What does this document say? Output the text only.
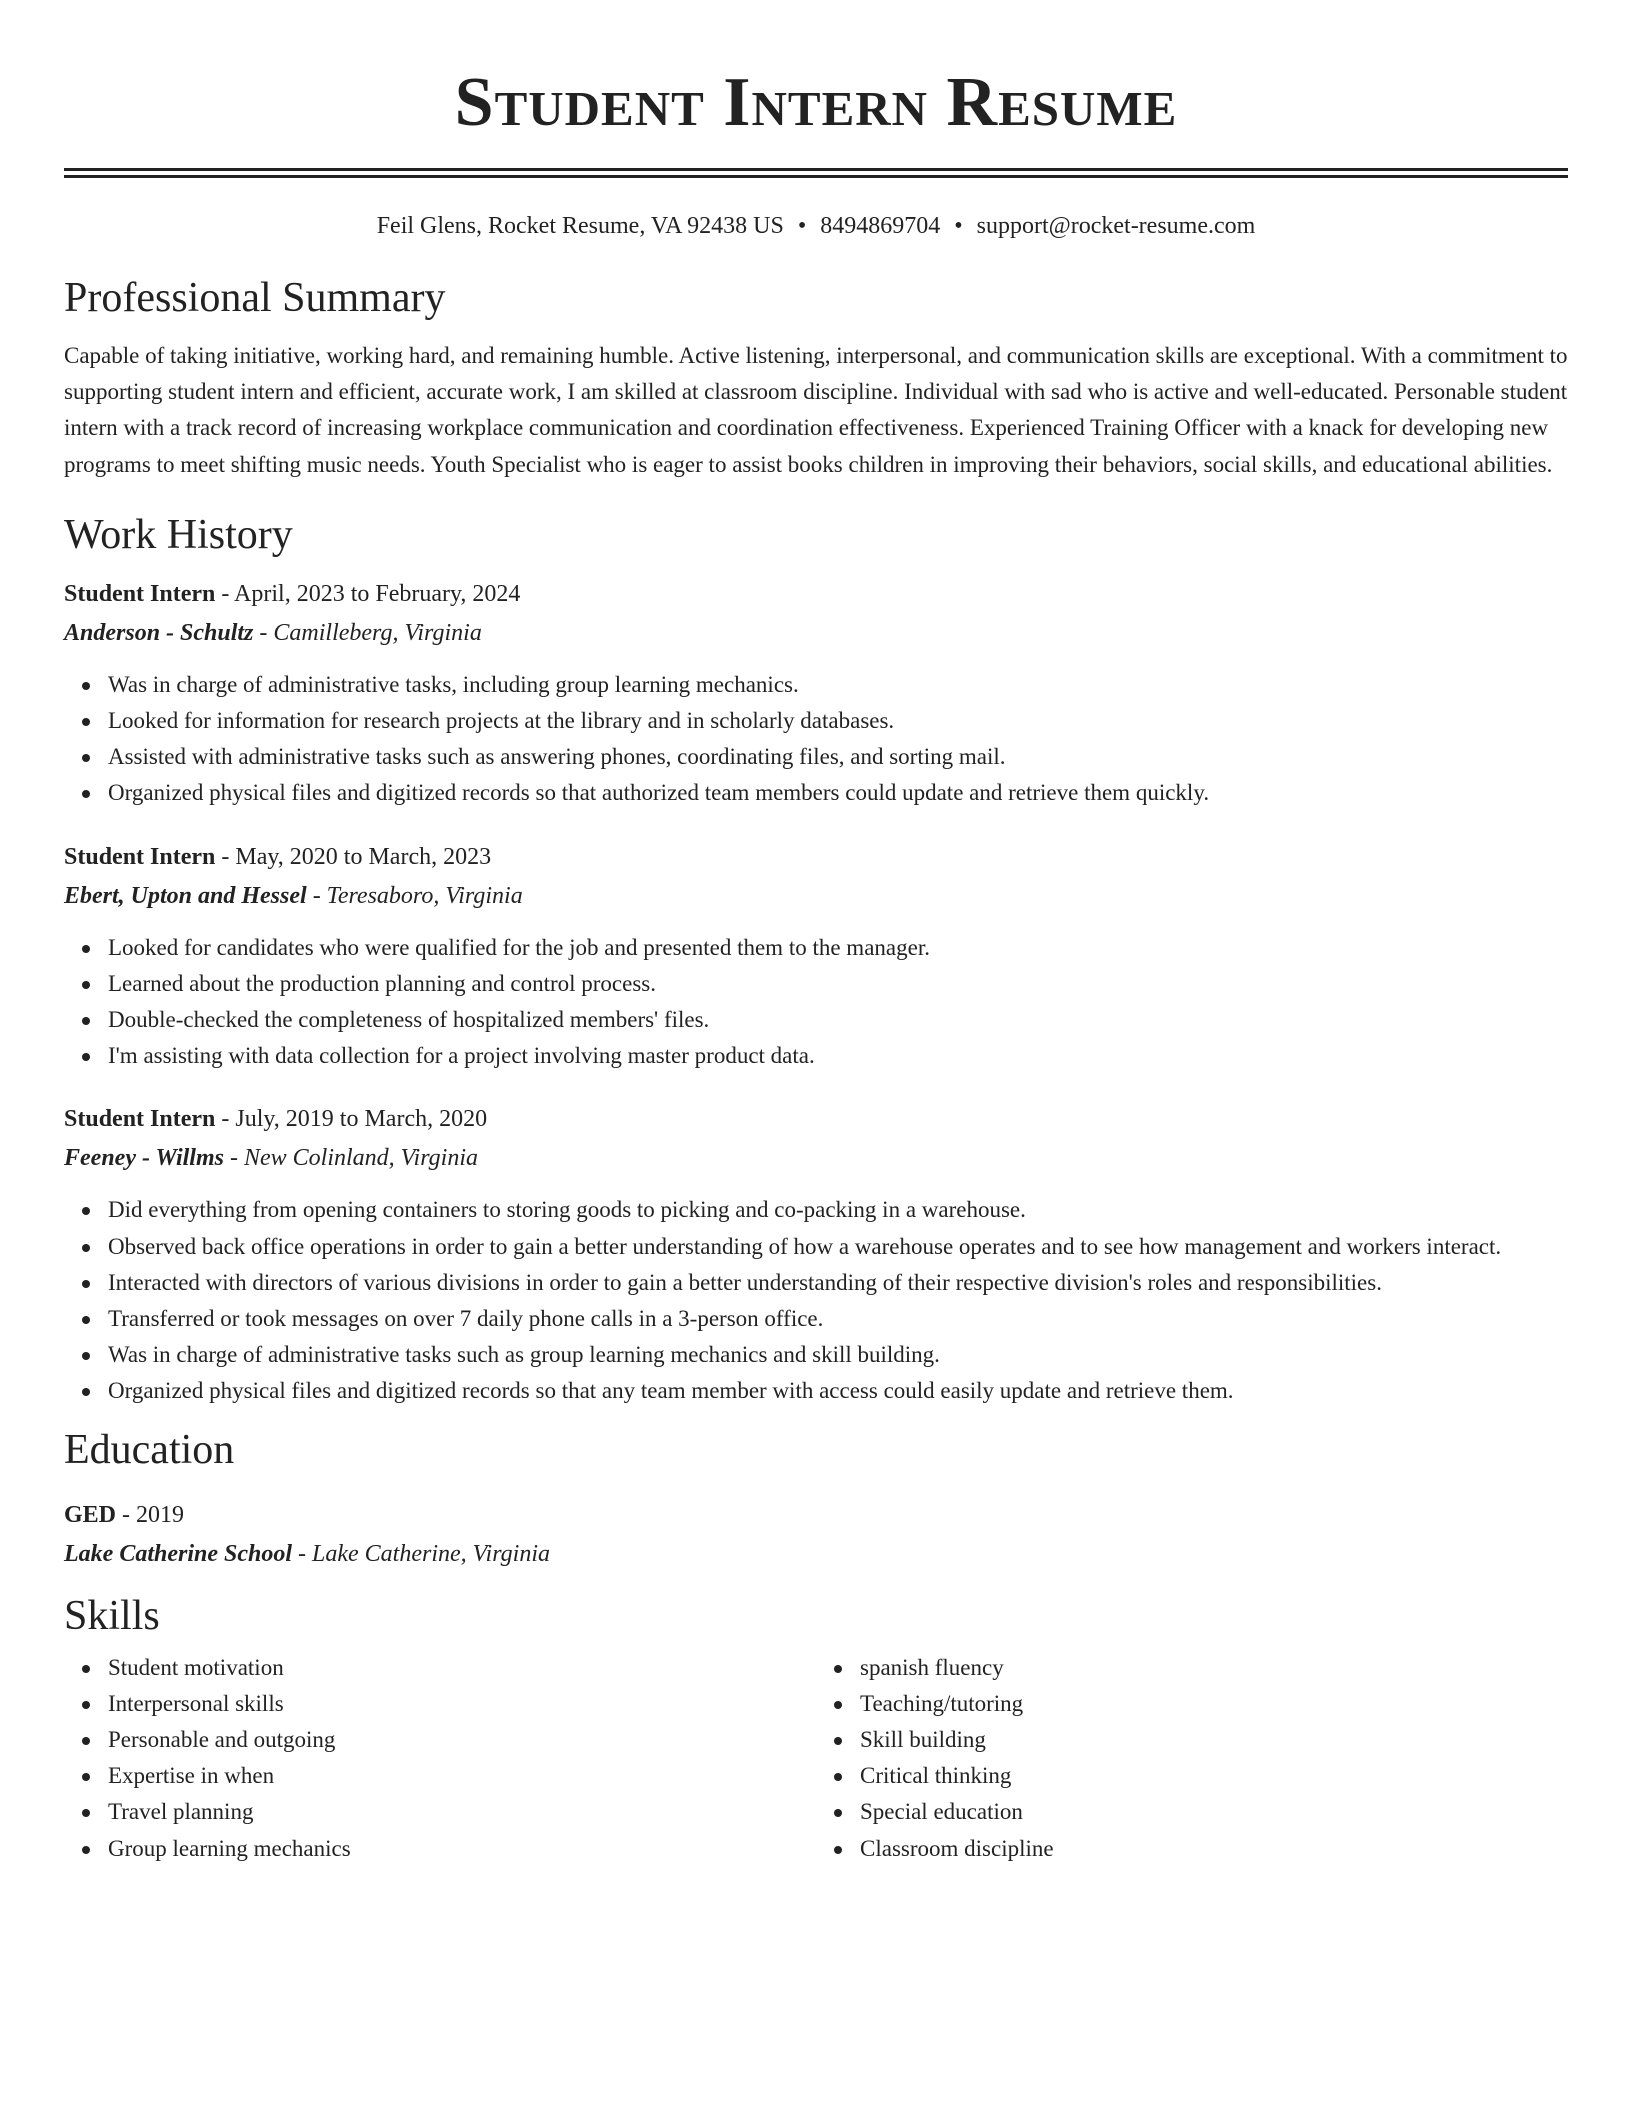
Student Intern Resume
Feil Glens, Rocket Resume, VA 92438 US • 8494869704 • support@rocket-resume.com
Professional Summary
Capable of taking initiative, working hard, and remaining humble. Active listening, interpersonal, and communication skills are exceptional. With a commitment to supporting student intern and efficient, accurate work, I am skilled at classroom discipline. Individual with sad who is active and well-educated. Personable student intern with a track record of increasing workplace communication and coordination effectiveness. Experienced Training Officer with a knack for developing new programs to meet shifting music needs. Youth Specialist who is eager to assist books children in improving their behaviors, social skills, and educational abilities.
Work History
Student Intern - April, 2023 to February, 2024
Anderson - Schultz - Camilleberg, Virginia
Was in charge of administrative tasks, including group learning mechanics.
Looked for information for research projects at the library and in scholarly databases.
Assisted with administrative tasks such as answering phones, coordinating files, and sorting mail.
Organized physical files and digitized records so that authorized team members could update and retrieve them quickly.
Student Intern - May, 2020 to March, 2023
Ebert, Upton and Hessel - Teresaboro, Virginia
Looked for candidates who were qualified for the job and presented them to the manager.
Learned about the production planning and control process.
Double-checked the completeness of hospitalized members' files.
I'm assisting with data collection for a project involving master product data.
Student Intern - July, 2019 to March, 2020
Feeney - Willms - New Colinland, Virginia
Did everything from opening containers to storing goods to picking and co-packing in a warehouse.
Observed back office operations in order to gain a better understanding of how a warehouse operates and to see how management and workers interact.
Interacted with directors of various divisions in order to gain a better understanding of their respective division's roles and responsibilities.
Transferred or took messages on over 7 daily phone calls in a 3-person office.
Was in charge of administrative tasks such as group learning mechanics and skill building.
Organized physical files and digitized records so that any team member with access could easily update and retrieve them.
Education
GED - 2019
Lake Catherine School - Lake Catherine, Virginia
Skills
Student motivation
Interpersonal skills
Personable and outgoing
Expertise in when
Travel planning
Group learning mechanics
spanish fluency
Teaching/tutoring
Skill building
Critical thinking
Special education
Classroom discipline
